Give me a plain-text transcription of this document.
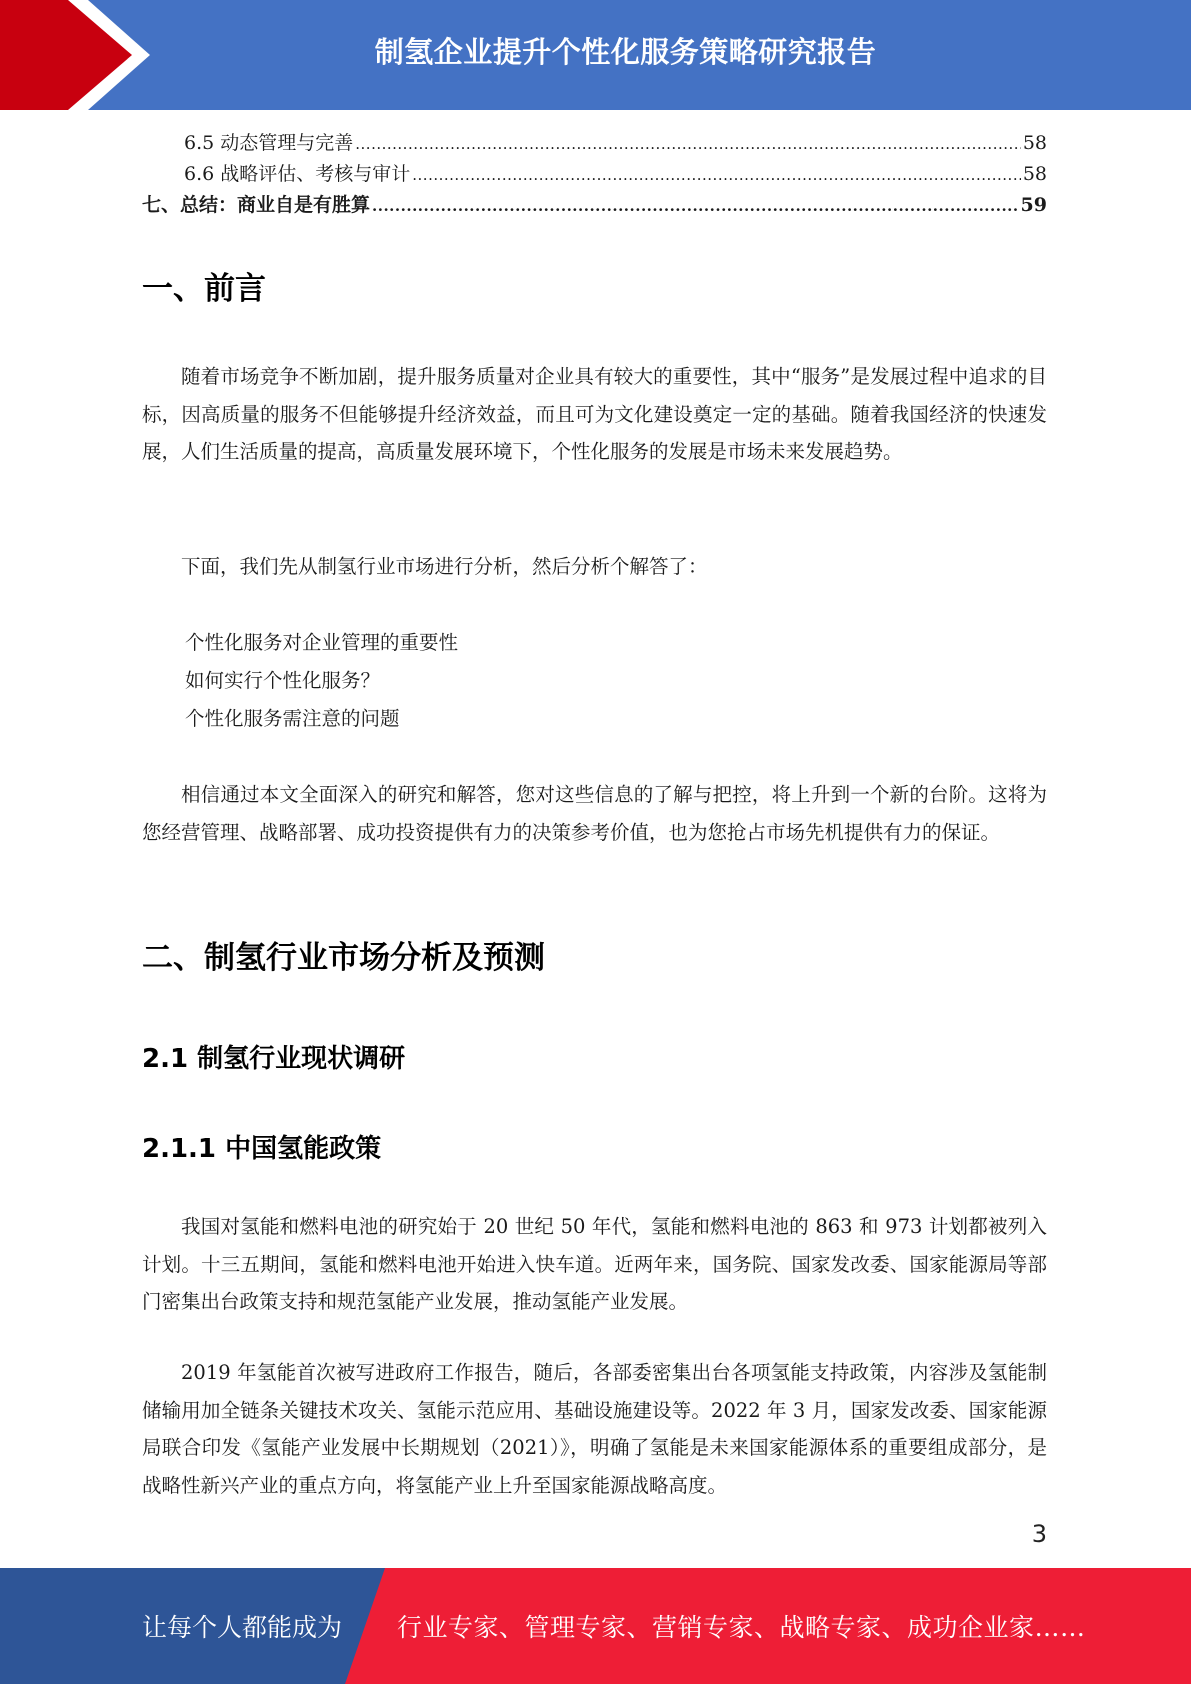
制氢企业提升个性化服务策略研究报告
6.5 动态管理与完善 .....	58
6.6 战略评估、考核与审计 .....	58
七、总结：商业自是有胜算 .....	59
一、前言

随着市场竞争不断加剧，提升服务质量对企业具有较大的重要性，其中“服务”是发展过程中追求的目标，因高质量的服务不但能够提升经济效益，而且可为文化建设奠定一定的基础。随着我国经济的快速发展，人们生活质量的提高，高质量发展环境下，个性化服务的发展是市场未来发展趋势。

下面，我们先从制氢行业市场进行分析，然后分析个解答了：

个性化服务对企业管理的重要性

如何实行个性化服务？

个性化服务需注意的问题

相信通过本文全面深入的研究和解答，您对这些信息的了解与把控，将上升到一个新的台阶。这将为您经营管理、战略部署、成功投资提供有力的决策参考价值，也为您抢占市场先机提供有力的保证。

二、制氢行业市场分析及预测
2.1 制氢行业现状调研
2.1.1 中国氢能政策

我国对氢能和燃料电池的研究始于 20 世纪 50 年代，氢能和燃料电池的 863 和 973 计划都被列入计划。十三五期间，氢能和燃料电池开始进入快车道。近两年来，国务院、国家发改委、国家能源局等部门密集出台政策支持和规范氢能产业发展，推动氢能产业发展。

2019 年氢能首次被写进政府工作报告，随后，各部委密集出台各项氢能支持政策，内容涉及氢能制储输用加全链条关键技术攻关、氢能示范应用、基础设施建设等。2022 年 3 月，国家发改委、国家能源局联合印发《氢能产业发展中长期规划（2021）》，明确了氢能是未来国家能源体系的重要组成部分，是战略性新兴产业的重点方向，将氢能产业上升至国家能源战略高度。

3
让每个人都能成为 行业专家、管理专家、营销专家、战略专家、成功企业家……
